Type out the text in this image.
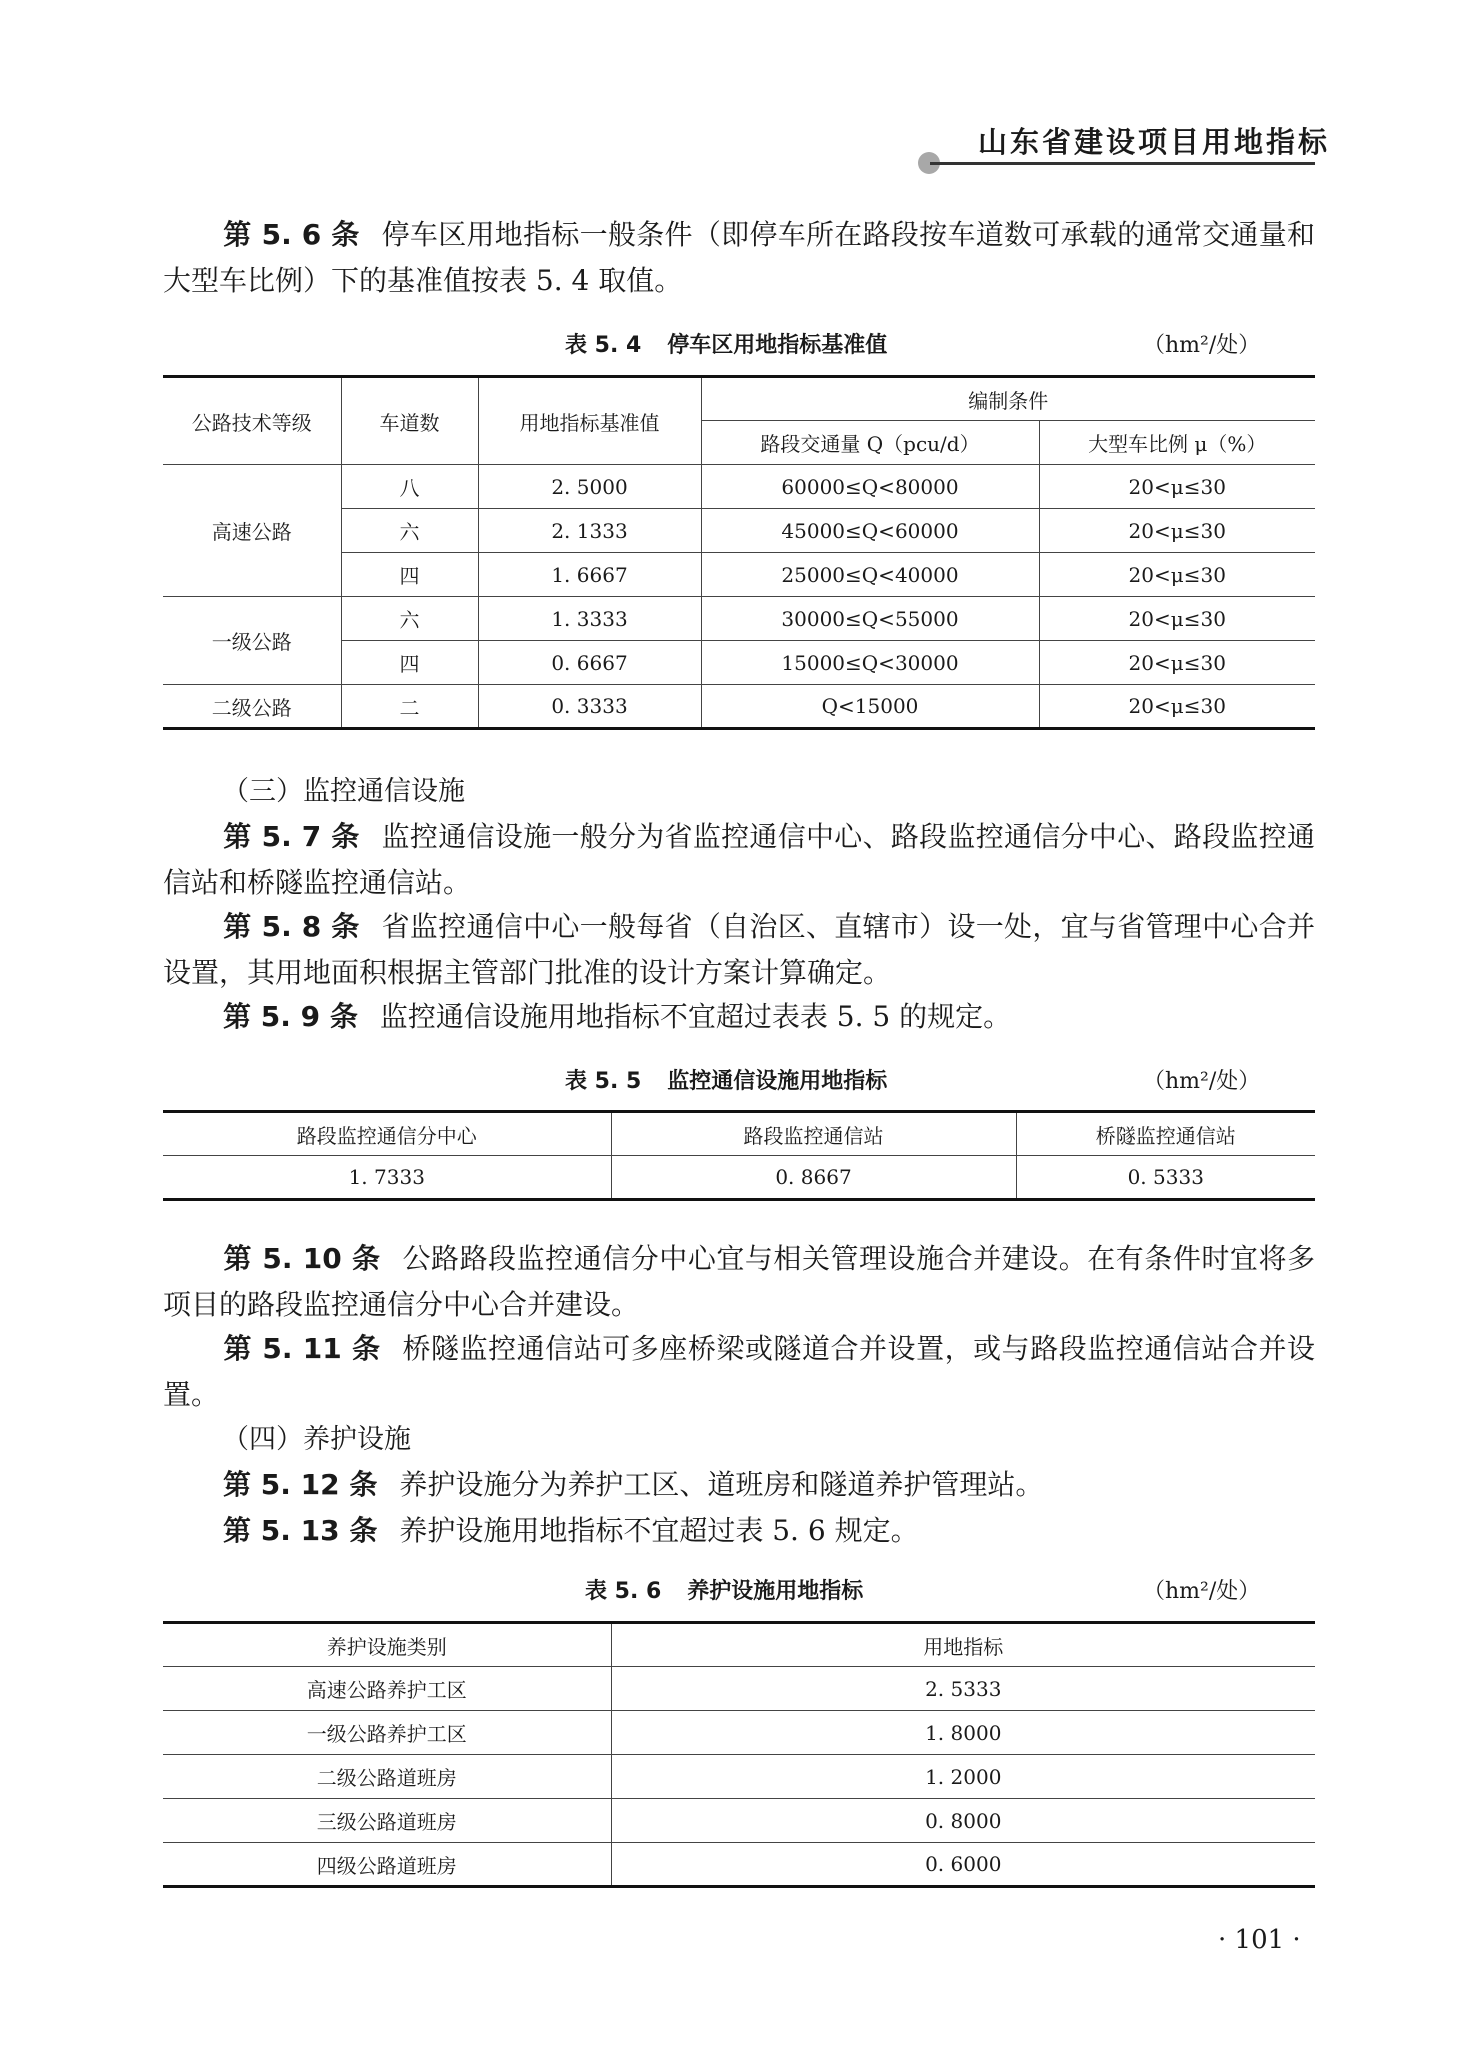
山东省建设项目用地指标

第 5. 6 条 停车区用地指标一般条件（即停车所在路段按车道数可承载的通常交通量和大型车比例）下的基准值按表 5. 4 取值。

表 5. 4 停车区用地指标基准值	（hm²/处）
公路技术等级	车道数	用地指标基准值	编制条件	
			路段交通量 Q（pcu/d）	大型车比例 μ（%）
高速公路	八	2. 5000	60000≤Q<80000	20<μ≤30
	六	2. 1333	45000≤Q<60000	20<μ≤30
	四	1. 6667	25000≤Q<40000	20<μ≤30
一级公路	六	1. 3333	30000≤Q<55000	20<μ≤30
	四	0. 6667	15000≤Q<30000	20<μ≤30
二级公路	二	0. 3333	Q<15000	20<μ≤30
（三）监控通信设施

第 5. 7 条 监控通信设施一般分为省监控通信中心、路段监控通信分中心、路段监控通信站和桥隧监控通信站。

第 5. 8 条 省监控通信中心一般每省（自治区、直辖市）设一处，宜与省管理中心合并设置，其用地面积根据主管部门批准的设计方案计算确定。

第 5. 9 条 监控通信设施用地指标不宜超过表表 5. 5 的规定。

表 5. 5 监控通信设施用地指标	（hm²/处）
路段监控通信分中心	路段监控通信站	桥隧监控通信站
1. 7333	0. 8667	0. 5333

第 5. 10 条 公路路段监控通信分中心宜与相关管理设施合并建设。在有条件时宜将多项目的路段监控通信分中心合并建设。

第 5. 11 条 桥隧监控通信站可多座桥梁或隧道合并设置，或与路段监控通信站合并设置。

（四）养护设施

第 5. 12 条 养护设施分为养护工区、道班房和隧道养护管理站。

第 5. 13 条 养护设施用地指标不宜超过表 5. 6 规定。

表 5. 6 养护设施用地指标	（hm²/处）
养护设施类别	用地指标
高速公路养护工区	2. 5333
一级公路养护工区	1. 8000
二级公路道班房	1. 2000
三级公路道班房	0. 8000
四级公路道班房	0. 6000
· 101 ·
